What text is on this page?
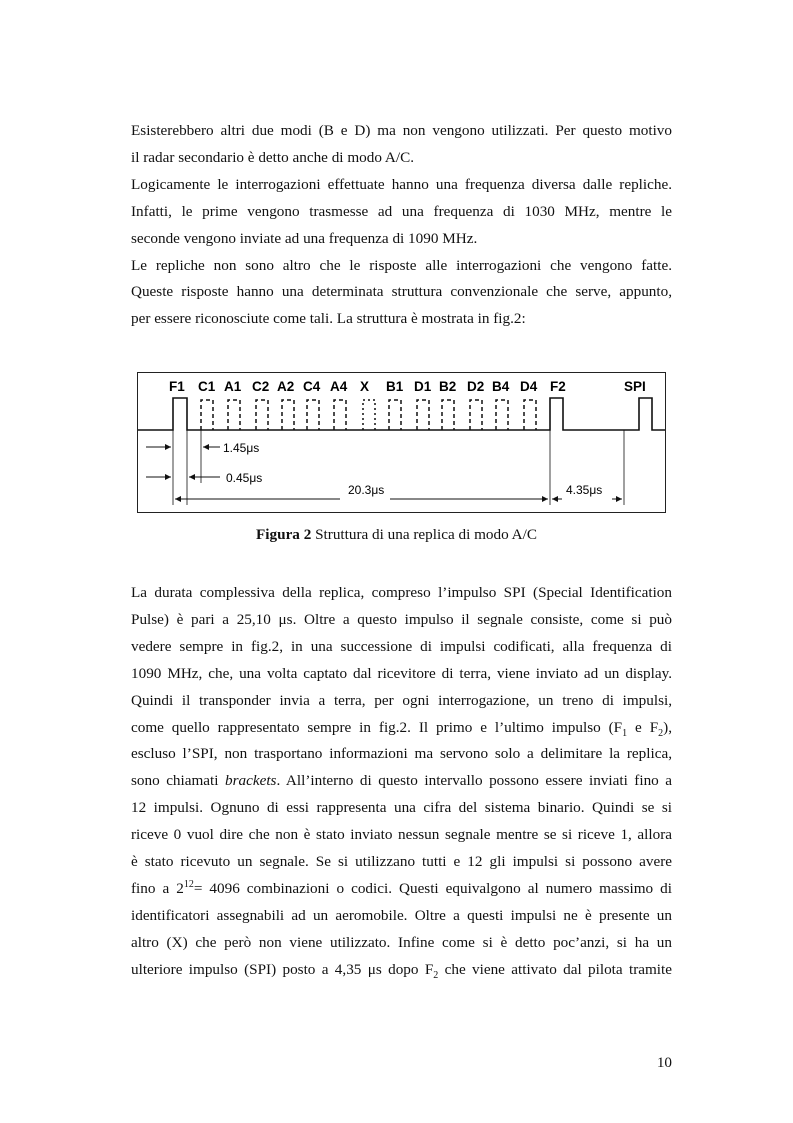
Esisterebbero altri due modi (B e D) ma non vengono utilizzati. Per questo motivo
il radar secondario è detto anche di modo A/C.
Logicamente le interrogazioni effettuate hanno una frequenza diversa dalle repliche.
Infatti, le prime vengono trasmesse ad una frequenza di 1030 MHz, mentre le
seconde vengono inviate ad una frequenza di 1090 MHz.
Le repliche non sono altro che le risposte alle interrogazioni che vengono fatte.
Queste risposte hanno una determinata struttura convenzionale che serve, appunto,
per essere riconosciute come tali. La struttura è mostrata in fig.2:

F1 C1 A1 C2 A2 C4 A4 X B1 D1 B2 D2 B4 D4 F2	SPI
1.45μs
0.45μs
20.3μs	4.35μs
Figura 2 Struttura di una replica di modo A/C

La durata complessiva della replica, compreso l’impulso SPI (Special Identification
Pulse) è pari a 25,10 μs. Oltre a questo impulso il segnale consiste, come si può
vedere sempre in fig.2, in una successione di impulsi codificati, alla frequenza di
1090 MHz, che, una volta captato dal ricevitore di terra, viene inviato ad un display.
Quindi il transponder invia a terra, per ogni interrogazione, un treno di impulsi,
come quello rappresentato sempre in fig.2. Il primo e l’ultimo impulso ($F_1$ e $F_2$),
escluso l’SPI, non trasportano informazioni ma servono solo a delimitare la replica,
sono chiamati brackets. All’interno di questo intervallo possono essere inviati fino a
12 impulsi. Ognuno di essi rappresenta una cifra del sistema binario. Quindi se si
riceve 0 vuol dire che non è stato inviato nessun segnale mentre se si riceve 1, allora
è stato ricevuto un segnale. Se si utilizzano tutti e 12 gli impulsi si possono avere
fino a $2^{12}= 4096$ combinazioni o codici. Questi equivalgono al numero massimo di
identificatori assegnabili ad un aeromobile. Oltre a questi impulsi ne è presente un
altro (X) che però non viene utilizzato. Infine come si è detto poc’anzi, si ha un
ulteriore impulso (SPI) posto a 4,35 μs dopo $F_2$ che viene attivato dal pilota tramite

10
